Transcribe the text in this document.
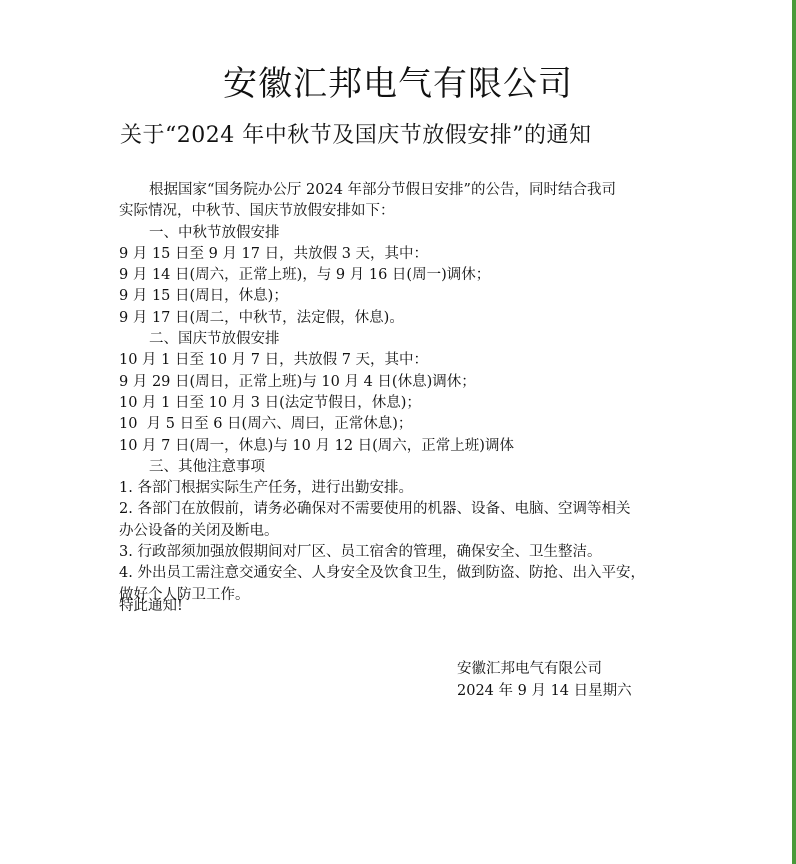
安徽汇邦电气有限公司
关于“2024 年中秋节及国庆节放假安排”的通知
根据国家“国务院办公厅 2024 年部分节假日安排”的公告，同时结合我司
实际情况，中秋节、国庆节放假安排如下：
一、中秋节放假安排
9 月 15 日至 9 月 17 日，共放假 3 天，其中：
9 月 14 日(周六，正常上班)，与 9 月 16 日(周一)调休；
9 月 15 日(周日，休息)；
9 月 17 日(周二，中秋节，法定假，休息)。
二、国庆节放假安排
10 月 1 日至 10 月 7 日，共放假 7 天，其中：
9 月 29 日(周日，正常上班)与 10 月 4 日(休息)调休；
10 月 1 日至 10 月 3 日(法定节假日，休息)；
10  月 5 日至 6 日(周六、周曰，正常休息)；
10 月 7 日(周一，休息)与 10 月 12 日(周六，正常上班)调体
三、其他注意事项
1. 各部门根据实际生产任务，进行出勤安排。
2. 各部门在放假前，请务必确保对不需要使用的机器、设备、电脑、空调等相关
办公设备的关闭及断电。
3. 行政部须加强放假期间对厂区、员工宿舍的管理，确保安全、卫生整洁。
4. 外出员工需注意交通安全、人身安全及饮食卫生，做到防盗、防抢、出入平安，
做好个人防卫工作。
特此通知!
安徽汇邦电气有限公司
2024 年 9 月 14 日星期六
